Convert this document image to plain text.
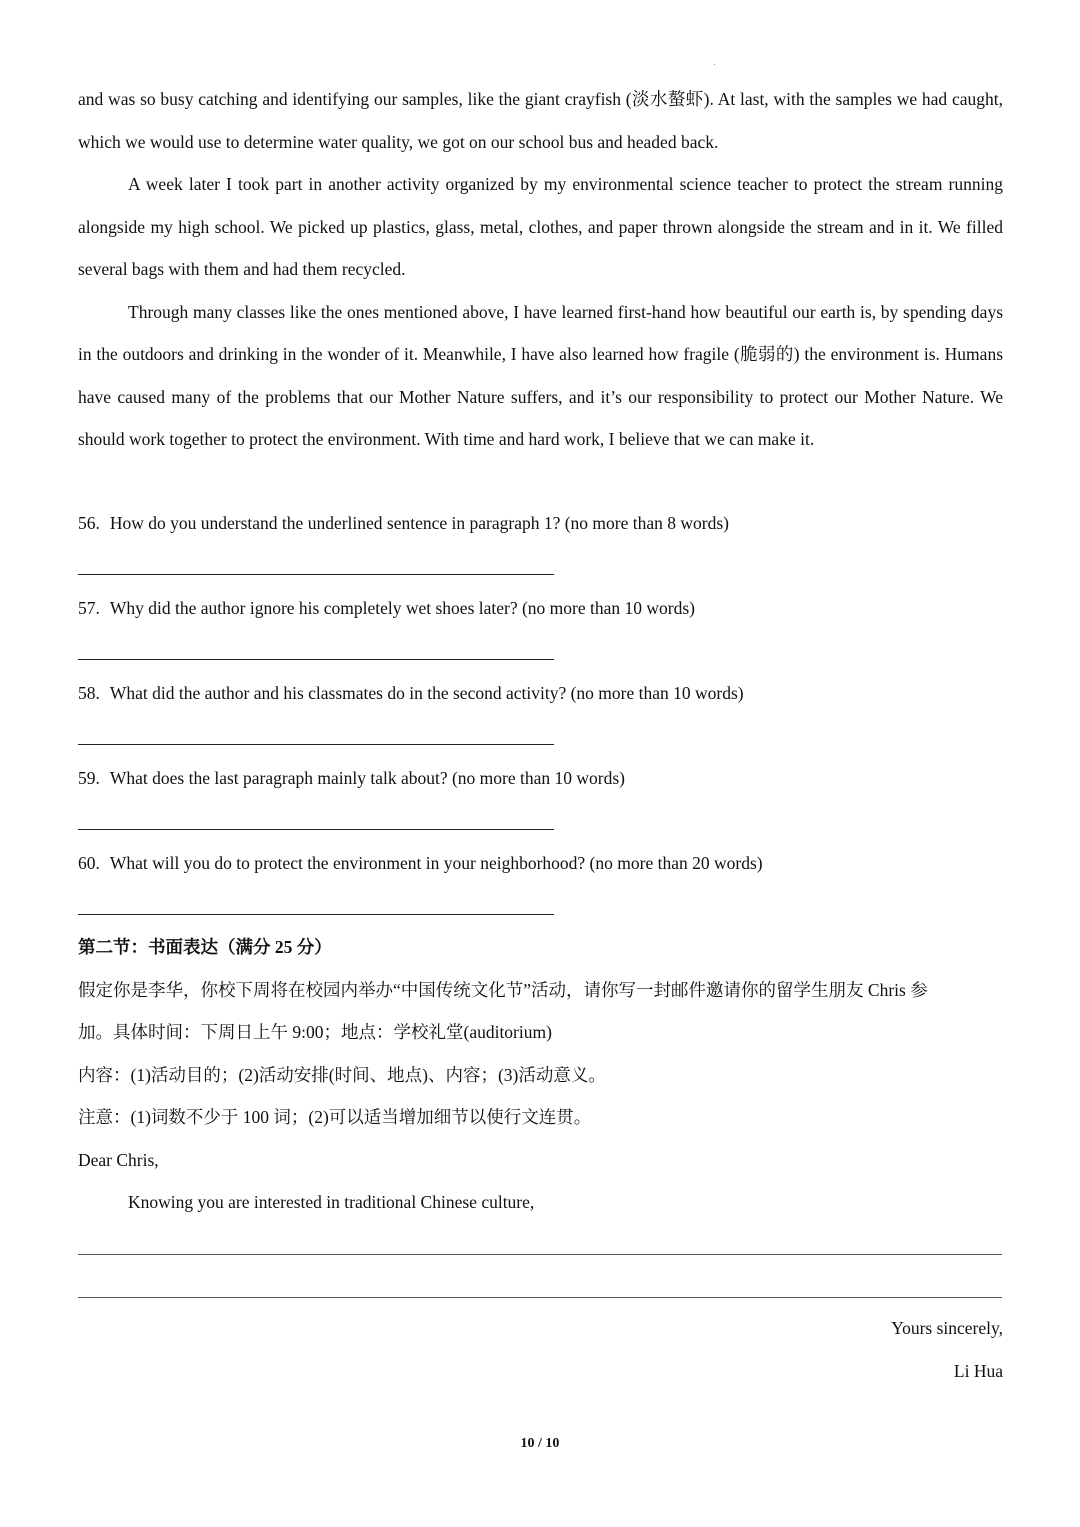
and was so busy catching and identifying our samples, like the giant crayfish (淡水螯虾). At last, with the samples we had caught, which we would use to determine water quality, we got on our school bus and headed back.

A week later I took part in another activity organized by my environmental science teacher to protect the stream running alongside my high school. We picked up plastics, glass, metal, clothes, and paper thrown alongside the stream and in it. We filled several bags with them and had them recycled.

Through many classes like the ones mentioned above, I have learned first-hand how beautiful our earth is, by spending days in the outdoors and drinking in the wonder of it. Meanwhile, I have also learned how fragile (脆弱的) the environment is. Humans have caused many of the problems that our Mother Nature suffers, and it’s our responsibility to protect our Mother Nature. We should work together to protect the environment. With time and hard work, I believe that we can make it.

56. How do you understand the underlined sentence in paragraph 1? (no more than 8 words)
57. Why did the author ignore his completely wet shoes later? (no more than 10 words)
58. What did the author and his classmates do in the second activity? (no more than 10 words)
59. What does the last paragraph mainly talk about? (no more than 10 words)
60. What will you do to protect the environment in your neighborhood? (no more than 20 words)

第二节：书面表达（满分 25 分）

假定你是李华，你校下周将在校园内举办“中国传统文化节”活动，请你写一封邮件邀请你的留学生朋友 Chris 参

加。具体时间：下周日上午 9:00；地点：学校礼堂(auditorium)

内容：(1)活动目的；(2)活动安排(时间、地点)、内容；(3)活动意义。

注意：(1)词数不少于 100 词；(2)可以适当增加细节以使行文连贯。

Dear Chris,

Knowing you are interested in traditional Chinese culture,

Yours sincerely,
Li Hua
10 / 10
